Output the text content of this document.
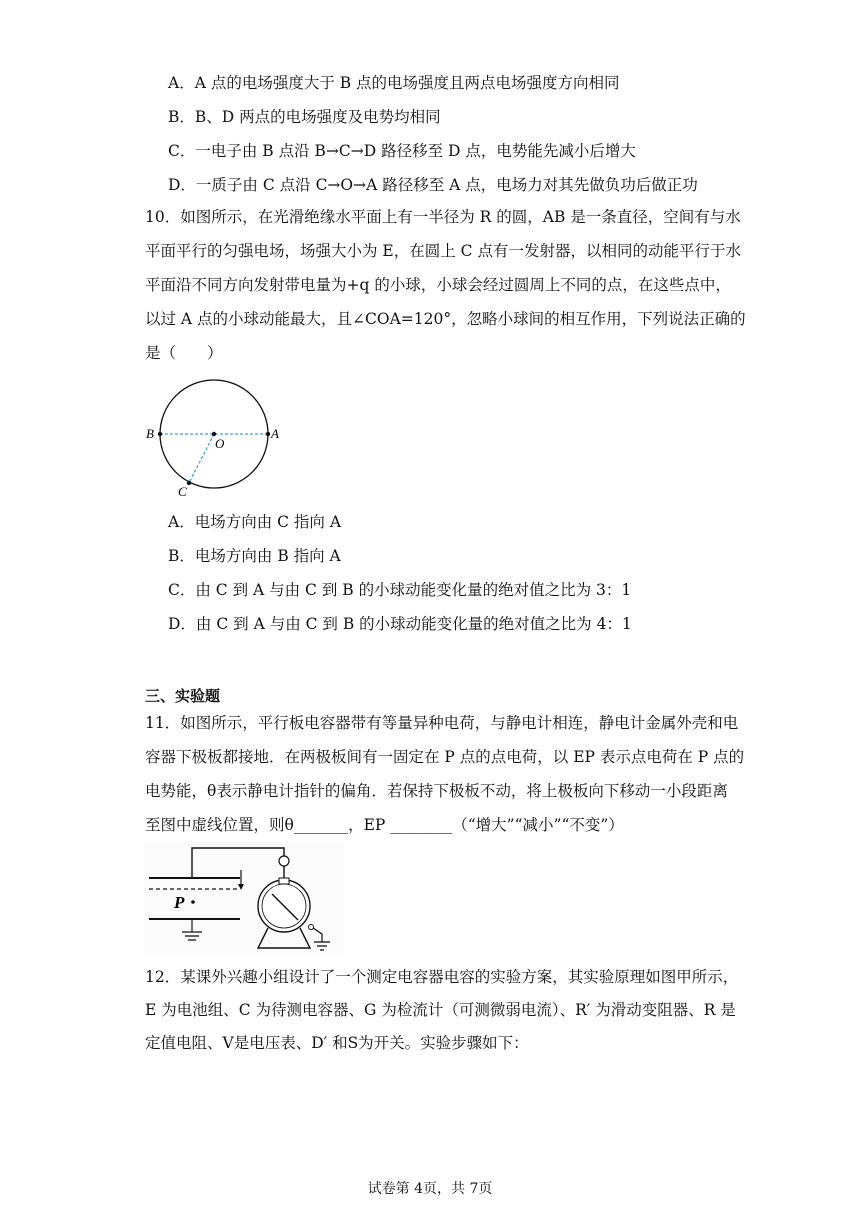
A．A 点的电场强度大于 B 点的电场强度且两点电场强度方向相同
B．B、D 两点的电场强度及电势均相同
C．一电子由 B 点沿 B→C→D 路径移至 D 点，电势能先减小后增大
D．一质子由 C 点沿 C→O→A 路径移至 A 点，电场力对其先做负功后做正功
10．如图所示，在光滑绝缘水平面上有一半径为 R 的圆，AB 是一条直径，空间有与水
平面平行的匀强电场，场强大小为 E，在圆上 C 点有一发射器，以相同的动能平行于水
平面沿不同方向发射带电量为+q 的小球，小球会经过圆周上不同的点，在这些点中，
以过 A 点的小球动能最大，且∠COA=120°，忽略小球间的相互作用，下列说法正确的
是（　　）
B
O
A
C
A．电场方向由 C 指向 A
B．电场方向由 B 指向 A
C．由 C 到 A 与由 C 到 B 的小球动能变化量的绝对值之比为 3：1
D．由 C 到 A 与由 C 到 B 的小球动能变化量的绝对值之比为 4：1
三、实验题
11．如图所示，平行板电容器带有等量异种电荷，与静电计相连，静电计金属外壳和电
容器下极板都接地．在两极板间有一固定在 P 点的点电荷，以 EP 表示点电荷在 P 点的
电势能，θ表示静电计指针的偏角．若保持下极板不动，将上极板向下移动一小段距离
至图中虚线位置，则θ_______，EP ________（“增大”“减小”“不变”）
P
12．某课外兴趣小组设计了一个测定电容器电容的实验方案，其实验原理如图甲所示，
E 为电池组、C 为待测电容器、G 为检流计（可测微弱电流）、R′ 为滑动变阻器、R 是
定值电阻、V是电压表、D′ 和S为开关。实验步骤如下：
试卷第 4页，共 7页
